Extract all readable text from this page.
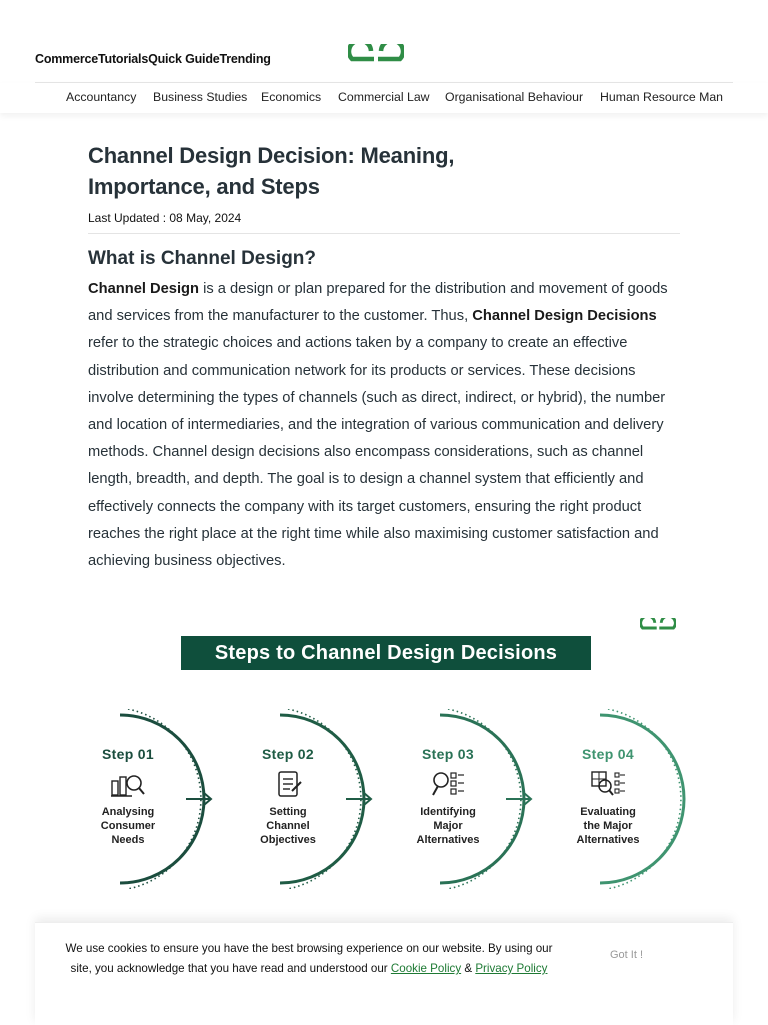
CommerceTutorialsQuick GuideTrending
Accountancy Business Studies Economics Commercial Law Organisational Behaviour Human Resource Man
Channel Design Decision: Meaning,
Importance, and Steps
Last Updated : 08 May, 2024
What is Channel Design?

Channel Design is a design or plan prepared for the distribution and movement of goods and services from the manufacturer to the customer. Thus, Channel Design Decisions refer to the strategic choices and actions taken by a company to create an effective distribution and communication network for its products or services. These decisions involve determining the types of channels (such as direct, indirect, or hybrid), the number and location of intermediaries, and the integration of various communication and delivery methods. Channel design decisions also encompass considerations, such as channel length, breadth, and depth. The goal is to design a channel system that efficiently and effectively connects the company with its target customers, ensuring the right product reaches the right place at the right time while also maximising customer satisfaction and achieving business objectives.

Steps to Channel Design Decisions
Step 01
Analysing
Consumer
Needs
Step 02
Setting
Channel
Objectives
Step 03
Identifying
Major
Alternatives
Step 04
Evaluating
the Major
Alternatives
We use cookies to ensure you have the best browsing experience on our website. By using our
site, you acknowledge that you have read and understood our Cookie Policy & Privacy Policy
Got It !
